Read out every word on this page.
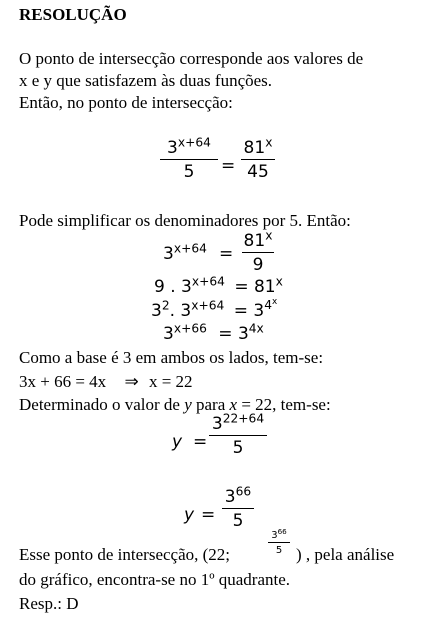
RESOLUÇÃO
O ponto de intersecção corresponde aos valores de
x e y que satisfazem às duas funções.
Então, no ponto de intersecção:
$3^{x+64}$
5	=
$81^x$
45
Pode simplificar os denominadores por 5. Então:
$3^{x+64}$ =
$81^x$
9
9 . $3^{x+64} = 81^x$
$3^2$. $3^{x+64} = 3^{4^x}$
$3^{x+66} = 3^{4x}$
Como a base é 3 em ambos os lados, tem-se:
3x + 66 = 4x ⇒ x = 22
Determinado o valor de y para x = 22, tem-se:
y =
$3^{22+64}$
5
y =
$3^{66}$
5
Esse ponto de intersecção, (22;
$3^{66}$
5 ) , pela análise
do gráfico, encontra-se no 1º quadrante.
Resp.: D
